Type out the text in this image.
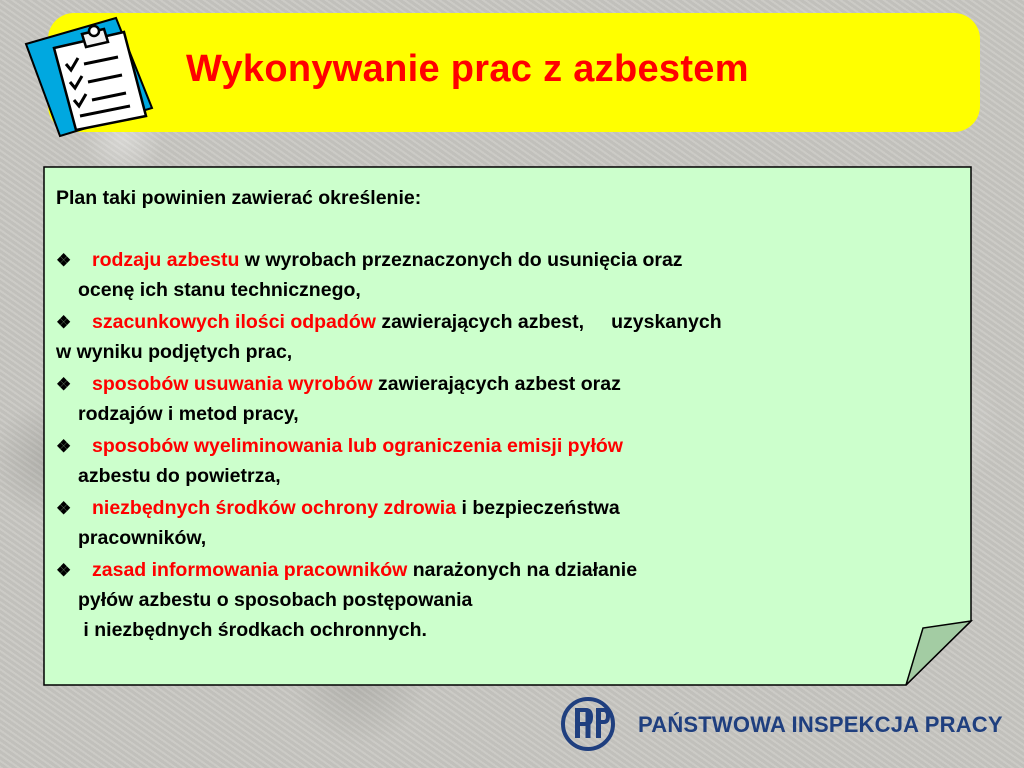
Wykonywanie prac z azbestem
Plan taki powinien zawierać określenie:
❖ rodzaju azbestu w wyrobach przeznaczonych do usunięcia oraz
ocenę ich stanu technicznego,
❖ szacunkowych ilości odpadów zawierających azbest,     uzyskanych
w wyniku podjętych prac,
❖ sposobów usuwania wyrobów zawierających azbest oraz
rodzajów i metod pracy,
❖ sposobów wyeliminowania lub ograniczenia emisji pyłów
azbestu do powietrza,
❖ niezbędnych środków ochrony zdrowia i bezpieczeństwa
pracowników,
❖ zasad informowania pracowników narażonych na działanie
pyłów azbestu o sposobach postępowania
i niezbędnych środkach ochronnych.
PAŃSTWOWA INSPEKCJA PRACY
